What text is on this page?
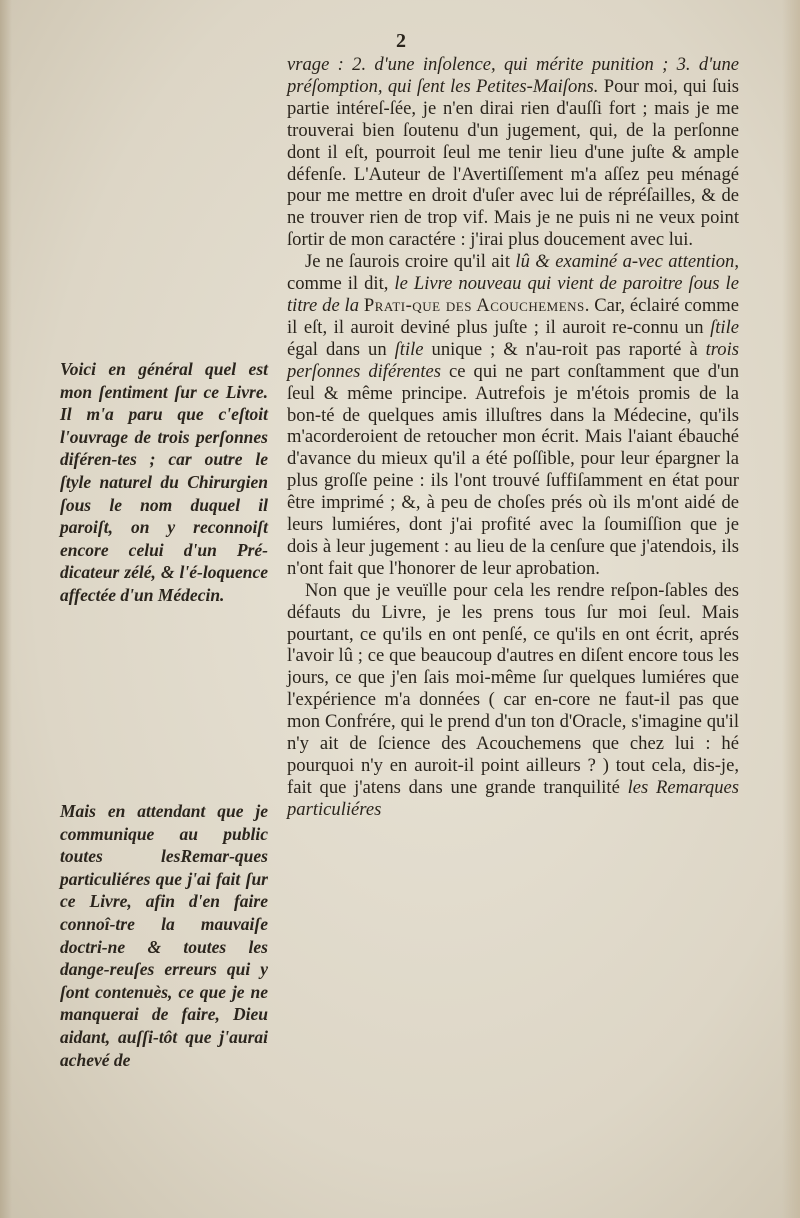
2
Voici en général quel est mon ſentiment ſur ce Livre. Il m'a paru que c'eſtoit l'ouvrage de trois perſonnes diféren-tes ; car outre le ſtyle naturel du Chirurgien ſous le nom duquel il paroiſt, on y reconnoiſt encore celui d'un Pré-dicateur zélé, & l'é-loquence affectée d'un Médecin.
Mais en attendant que je communique au public toutes lesRemar-ques particuliéres que j'ai fait ſur ce Livre, afin d'en faire connoî-tre la mauvaiſe doctri-ne & toutes les dange-reuſes erreurs qui y ſont contenuès, ce que je ne manquerai de faire, Dieu aidant, auſſi-tôt que j'aurai achevé de

vrage : 2. d'une inſolence, qui mérite punition ; 3. d'une préſomption, qui ſent les Petites-Maiſons. Pour moi, qui ſuis partie intéreſ-ſée, je n'en dirai rien d'auſſi fort ; mais je me trouverai bien ſoutenu d'un jugement, qui, de la perſonne dont il eſt, pourroit ſeul me tenir lieu d'une juſte & ample défenſe. L'Auteur de l'Avertiſſement m'a aſſez peu ménagé pour me mettre en droit d'uſer avec lui de répréſailles, & de ne trouver rien de trop vif. Mais je ne puis ni ne veux point ſortir de mon caractére : j'irai plus doucement avec lui.

Je ne ſaurois croire qu'il ait lû & examiné a-vec attention, comme il dit, le Livre nouveau qui vient de paroitre ſous le titre de la Prati-que des Acouchemens. Car, éclairé comme il eſt, il auroit deviné plus juſte ; il auroit re-connu un ſtile égal dans un ſtile unique ; & n'au-roit pas raporté à trois perſonnes diférentes ce qui ne part conſtamment que d'un ſeul & même principe. Autrefois je m'étois promis de la bon-té de quelques amis illuſtres dans la Médecine, qu'ils m'acorderoient de retoucher mon écrit. Mais l'aiant ébauché d'avance du mieux qu'il a été poſſible, pour leur épargner la plus groſſe peine : ils l'ont trouvé ſuffiſamment en état pour être imprimé ; &, à peu de choſes prés où ils m'ont aidé de leurs lumiéres, dont j'ai profité avec la ſoumiſſion que je dois à leur jugement : au lieu de la cenſure que j'atendois, ils n'ont fait que l'honorer de leur aprobation.

Non que je veuïlle pour cela les rendre reſpon-ſables des défauts du Livre, je les prens tous ſur moi ſeul. Mais pourtant, ce qu'ils en ont penſé, ce qu'ils en ont écrit, aprés l'avoir lû ; ce que beaucoup d'autres en diſent encore tous les jours, ce que j'en ſais moi-même ſur quelques lumiéres que l'expérience m'a données ( car en-core ne faut-il pas que mon Confrére, qui le prend d'un ton d'Oracle, s'imagine qu'il n'y ait de ſcience des Acouchemens que chez lui : hé pourquoi n'y en auroit-il point ailleurs ? ) tout cela, dis-je, fait que j'atens dans une grande tranquilité les Remarques particuliéres
